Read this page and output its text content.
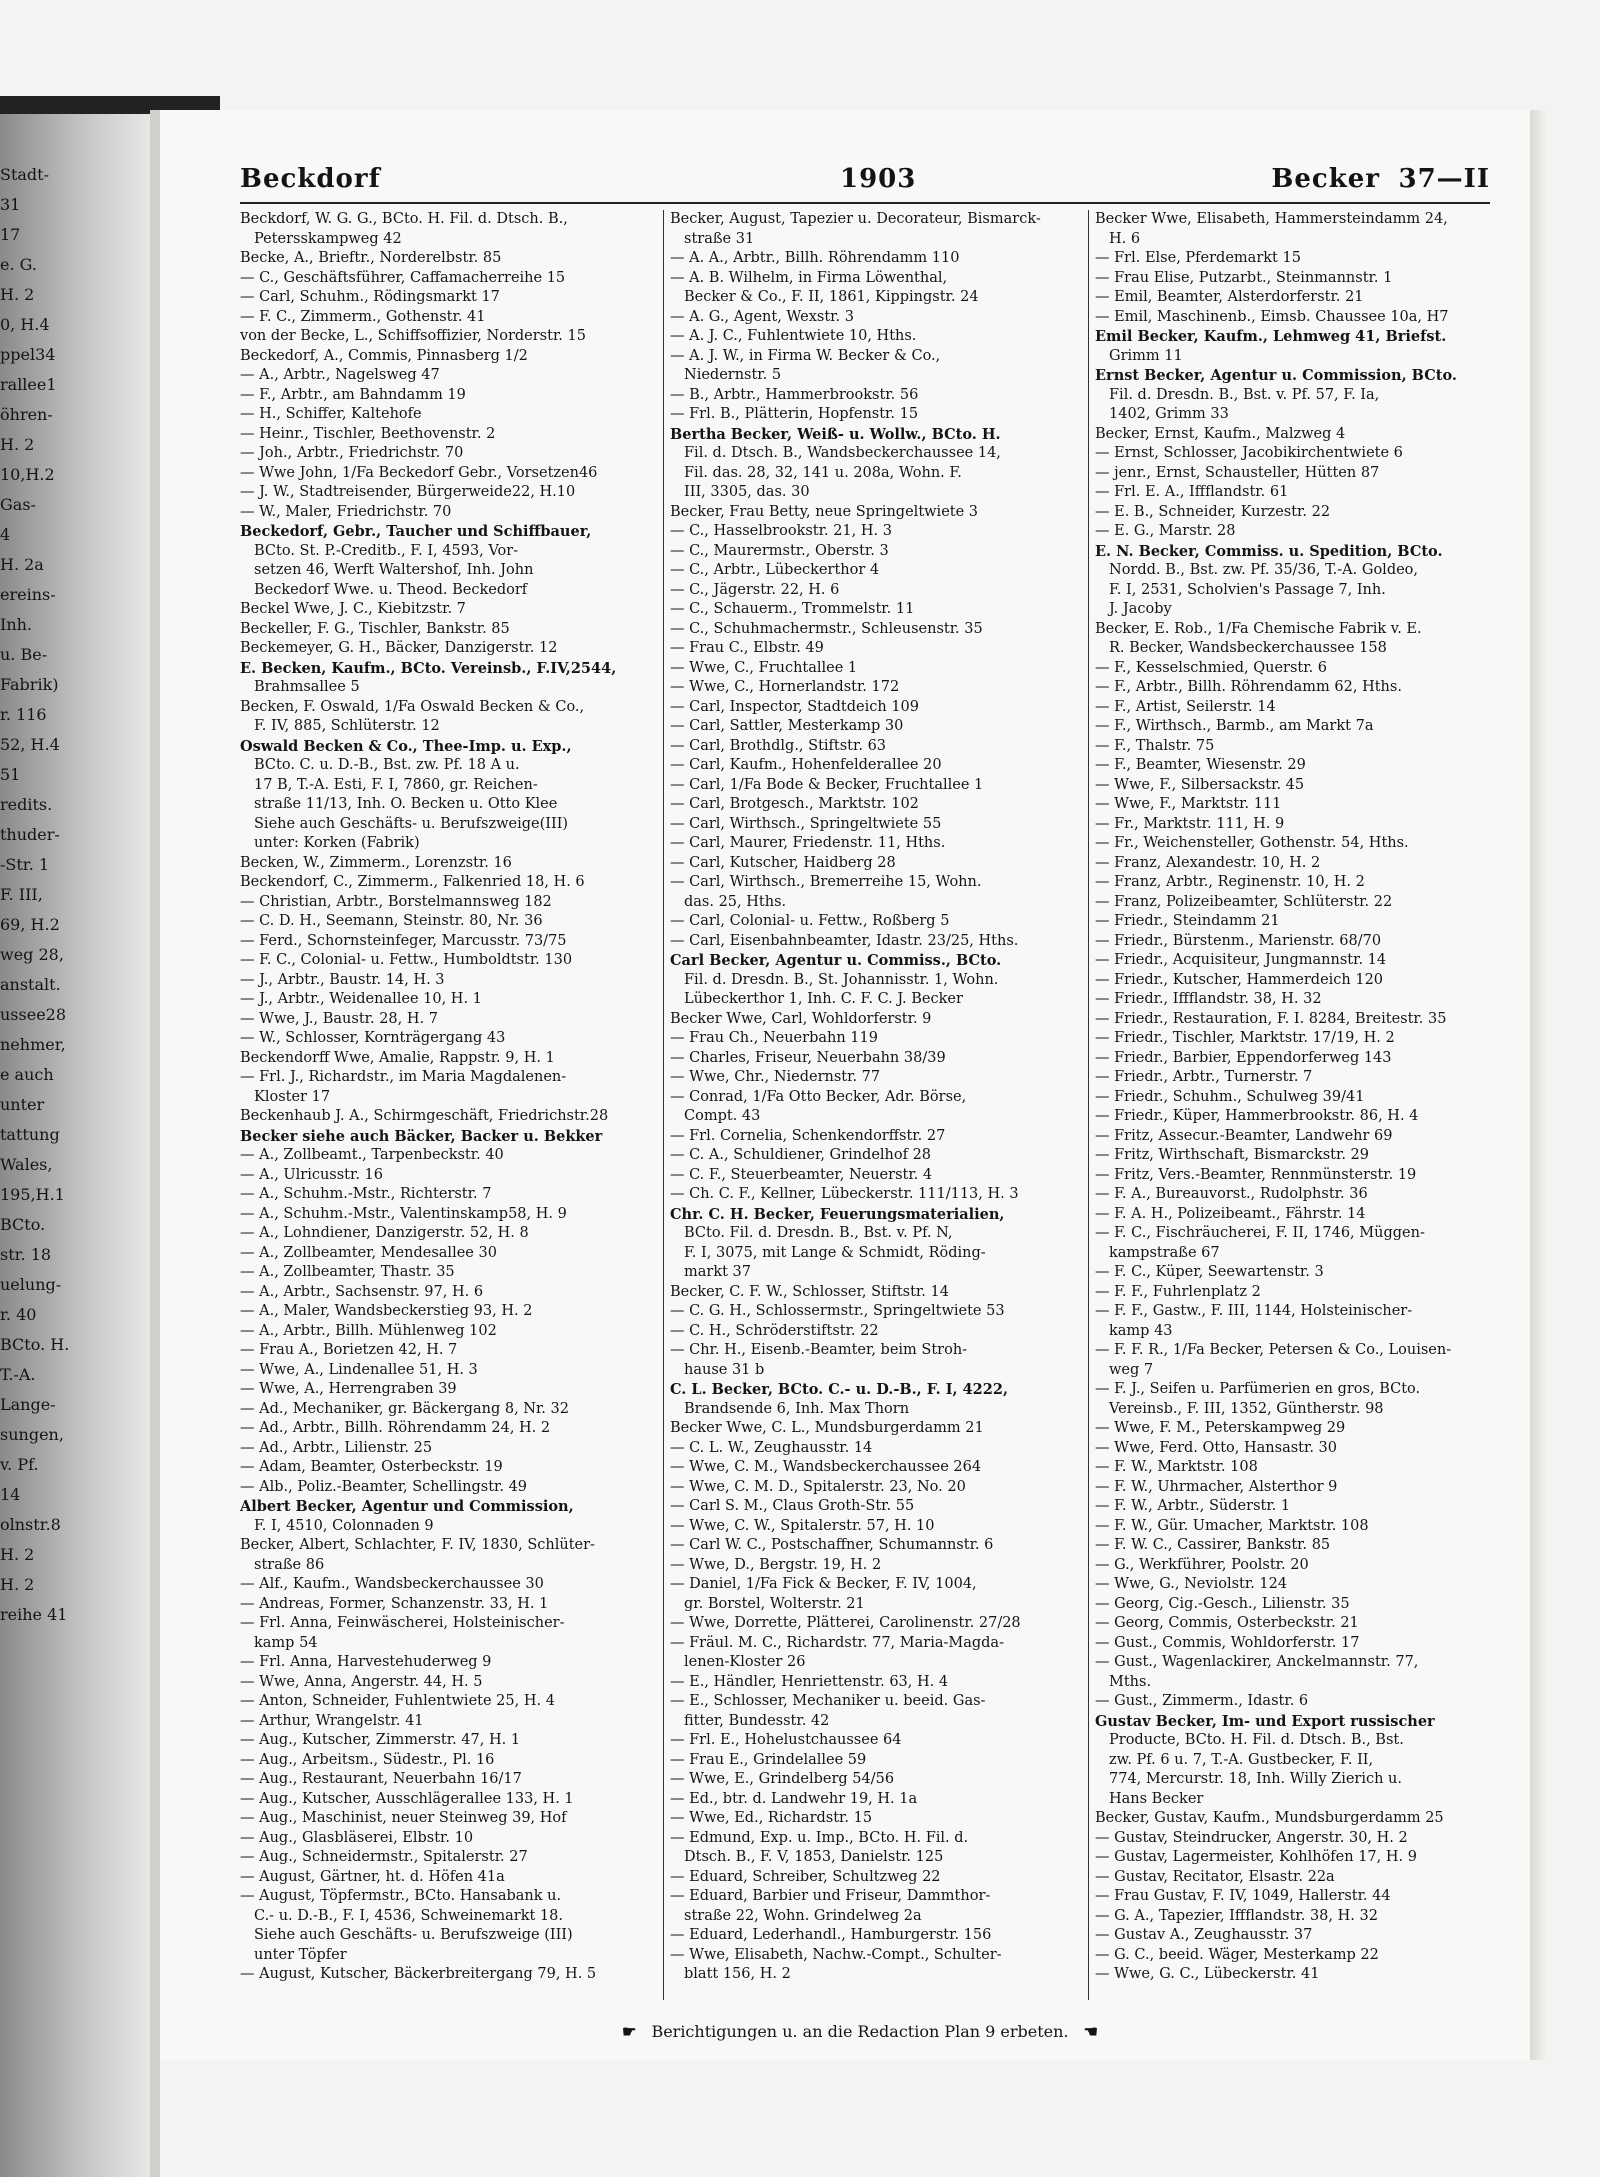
Stadt-
31
17
e. G.
H. 2
0, H.4
ppel34
rallee1
öhren-
H. 2
10,H.2
Gas-
4
H. 2a
ereins-
Inh.
u. Be-
Fabrik)
r. 116
52, H.4
51
redits.
thuder-
-Str. 1
F. III,
69, H.2
weg 28,
anstalt.
ussee28
nehmer,
e auch
unter
tattung
Wales,
195,H.1
BCto.
str. 18
uelung-
r. 40
BCto. H.
T.-A.
Lange-
sungen,
v. Pf.
14
olnstr.8
H. 2
H. 2
reihe 41
Beckdorf	1903	Becker 37—II
Beckdorf, W. G. G., BCto. H. Fil. d. Dtsch. B.,
Petersskampweg 42
Becke, A., Brieftr., Norderelbstr. 85
— C., Geschäftsführer, Caffamacherreihe 15
— Carl, Schuhm., Rödingsmarkt 17
— F. C., Zimmerm., Gothenstr. 41
von der Becke, L., Schiffsoffizier, Norderstr. 15
Beckedorf, A., Commis, Pinnasberg 1/2
— A., Arbtr., Nagelsweg 47
— F., Arbtr., am Bahndamm 19
— H., Schiffer, Kaltehofe
— Heinr., Tischler, Beethovenstr. 2
— Joh., Arbtr., Friedrichstr. 70
— Wwe John, 1/Fa Beckedorf Gebr., Vorsetzen46
— J. W., Stadtreisender, Bürgerweide22, H.10
— W., Maler, Friedrichstr. 70
Beckedorf, Gebr., Taucher und Schiffbauer,
BCto. St. P.-Creditb., F. I, 4593, Vor-
setzen 46, Werft Waltershof, Inh. John
Beckedorf Wwe. u. Theod. Beckedorf
Beckel Wwe, J. C., Kiebitzstr. 7
Beckeller, F. G., Tischler, Bankstr. 85
Beckemeyer, G. H., Bäcker, Danzigerstr. 12
E. Becken, Kaufm., BCto. Vereinsb., F.IV,2544,
Brahmsallee 5
Becken, F. Oswald, 1/Fa Oswald Becken & Co.,
F. IV, 885, Schlüterstr. 12
Oswald Becken & Co., Thee-Imp. u. Exp.,
BCto. C. u. D.-B., Bst. zw. Pf. 18 A u.
17 B, T.-A. Esti, F. I, 7860, gr. Reichen-
straße 11/13, Inh. O. Becken u. Otto Klee
Siehe auch Geschäfts- u. Berufszweige(III)
unter: Korken (Fabrik)
Becken, W., Zimmerm., Lorenzstr. 16
Beckendorf, C., Zimmerm., Falkenried 18, H. 6
— Christian, Arbtr., Borstelmannsweg 182
— C. D. H., Seemann, Steinstr. 80, Nr. 36
— Ferd., Schornsteinfeger, Marcusstr. 73/75
— F. C., Colonial- u. Fettw., Humboldtstr. 130
— J., Arbtr., Baustr. 14, H. 3
— J., Arbtr., Weidenallee 10, H. 1
— Wwe, J., Baustr. 28, H. 7
— W., Schlosser, Kornträgergang 43
Beckendorff Wwe, Amalie, Rappstr. 9, H. 1
— Frl. J., Richardstr., im Maria Magdalenen-
Kloster 17
Beckenhaub J. A., Schirmgeschäft, Friedrichstr.28
Becker siehe auch Bäcker, Backer u. Bekker
— A., Zollbeamt., Tarpenbeckstr. 40
— A., Ulricusstr. 16
— A., Schuhm.-Mstr., Richterstr. 7
— A., Schuhm.-Mstr., Valentinskamp58, H. 9
— A., Lohndiener, Danzigerstr. 52, H. 8
— A., Zollbeamter, Mendesallee 30
— A., Zollbeamter, Thastr. 35
— A., Arbtr., Sachsenstr. 97, H. 6
— A., Maler, Wandsbeckerstieg 93, H. 2
— A., Arbtr., Billh. Mühlenweg 102
— Frau A., Borietzen 42, H. 7
— Wwe, A., Lindenallee 51, H. 3
— Wwe, A., Herrengraben 39
— Ad., Mechaniker, gr. Bäckergang 8, Nr. 32
— Ad., Arbtr., Billh. Röhrendamm 24, H. 2
— Ad., Arbtr., Lilienstr. 25
— Adam, Beamter, Osterbeckstr. 19
— Alb., Poliz.-Beamter, Schellingstr. 49
Albert Becker, Agentur und Commission,
F. I, 4510, Colonnaden 9
Becker, Albert, Schlachter, F. IV, 1830, Schlüter-
straße 86
— Alf., Kaufm., Wandsbeckerchaussee 30
— Andreas, Former, Schanzenstr. 33, H. 1
— Frl. Anna, Feinwäscherei, Holsteinischer-
kamp 54
— Frl. Anna, Harvestehuderweg 9
— Wwe, Anna, Angerstr. 44, H. 5
— Anton, Schneider, Fuhlentwiete 25, H. 4
— Arthur, Wrangelstr. 41
— Aug., Kutscher, Zimmerstr. 47, H. 1
— Aug., Arbeitsm., Südestr., Pl. 16
— Aug., Restaurant, Neuerbahn 16/17
— Aug., Kutscher, Ausschlägerallee 133, H. 1
— Aug., Maschinist, neuer Steinweg 39, Hof
— Aug., Glasbläserei, Elbstr. 10
— Aug., Schneidermstr., Spitalerstr. 27
— August, Gärtner, ht. d. Höfen 41a
— August, Töpfermstr., BCto. Hansabank u.
C.- u. D.-B., F. I, 4536, Schweinemarkt 18.
Siehe auch Geschäfts- u. Berufszweige (III)
unter Töpfer
— August, Kutscher, Bäckerbreitergang 79, H. 5
Becker, August, Tapezier u. Decorateur, Bismarck-
straße 31
— A. A., Arbtr., Billh. Röhrendamm 110
— A. B. Wilhelm, in Firma Löwenthal,
Becker & Co., F. II, 1861, Kippingstr. 24
— A. G., Agent, Wexstr. 3
— A. J. C., Fuhlentwiete 10, Hths.
— A. J. W., in Firma W. Becker & Co.,
Niedernstr. 5
— B., Arbtr., Hammerbrookstr. 56
— Frl. B., Plätterin, Hopfenstr. 15
Bertha Becker, Weiß- u. Wollw., BCto. H.
Fil. d. Dtsch. B., Wandsbeckerchaussee 14,
Fil. das. 28, 32, 141 u. 208a, Wohn. F.
III, 3305, das. 30
Becker, Frau Betty, neue Springeltwiete 3
— C., Hasselbrookstr. 21, H. 3
— C., Maurermstr., Oberstr. 3
— C., Arbtr., Lübeckerthor 4
— C., Jägerstr. 22, H. 6
— C., Schauerm., Trommelstr. 11
— C., Schuhmachermstr., Schleusenstr. 35
— Frau C., Elbstr. 49
— Wwe, C., Fruchtallee 1
— Wwe, C., Hornerlandstr. 172
— Carl, Inspector, Stadtdeich 109
— Carl, Sattler, Mesterkamp 30
— Carl, Brothdlg., Stiftstr. 63
— Carl, Kaufm., Hohenfelderallee 20
— Carl, 1/Fa Bode & Becker, Fruchtallee 1
— Carl, Brotgesch., Marktstr. 102
— Carl, Wirthsch., Springeltwiete 55
— Carl, Maurer, Friedenstr. 11, Hths.
— Carl, Kutscher, Haidberg 28
— Carl, Wirthsch., Bremerreihe 15, Wohn.
das. 25, Hths.
— Carl, Colonial- u. Fettw., Roßberg 5
— Carl, Eisenbahnbeamter, Idastr. 23/25, Hths.
Carl Becker, Agentur u. Commiss., BCto.
Fil. d. Dresdn. B., St. Johannisstr. 1, Wohn.
Lübeckerthor 1, Inh. C. F. C. J. Becker
Becker Wwe, Carl, Wohldorferstr. 9
— Frau Ch., Neuerbahn 119
— Charles, Friseur, Neuerbahn 38/39
— Wwe, Chr., Niedernstr. 77
— Conrad, 1/Fa Otto Becker, Adr. Börse,
Compt. 43
— Frl. Cornelia, Schenkendorffstr. 27
— C. A., Schuldiener, Grindelhof 28
— C. F., Steuerbeamter, Neuerstr. 4
— Ch. C. F., Kellner, Lübeckerstr. 111/113, H. 3
Chr. C. H. Becker, Feuerungsmaterialien,
BCto. Fil. d. Dresdn. B., Bst. v. Pf. N,
F. I, 3075, mit Lange & Schmidt, Röding-
markt 37
Becker, C. F. W., Schlosser, Stiftstr. 14
— C. G. H., Schlossermstr., Springeltwiete 53
— C. H., Schröderstiftstr. 22
— Chr. H., Eisenb.-Beamter, beim Stroh-
hause 31 b
C. L. Becker, BCto. C.- u. D.-B., F. I, 4222,
Brandsende 6, Inh. Max Thorn
Becker Wwe, C. L., Mundsburgerdamm 21
— C. L. W., Zeughausstr. 14
— Wwe, C. M., Wandsbeckerchaussee 264
— Wwe, C. M. D., Spitalerstr. 23, No. 20
— Carl S. M., Claus Groth-Str. 55
— Wwe, C. W., Spitalerstr. 57, H. 10
— Carl W. C., Postschaffner, Schumannstr. 6
— Wwe, D., Bergstr. 19, H. 2
— Daniel, 1/Fa Fick & Becker, F. IV, 1004,
gr. Borstel, Wolterstr. 21
— Wwe, Dorrette, Plätterei, Carolinenstr. 27/28
— Fräul. M. C., Richardstr. 77, Maria-Magda-
lenen-Kloster 26
— E., Händler, Henriettenstr. 63, H. 4
— E., Schlosser, Mechaniker u. beeid. Gas-
fitter, Bundesstr. 42
— Frl. E., Hohelustchaussee 64
— Frau E., Grindelallee 59
— Wwe, E., Grindelberg 54/56
— Ed., btr. d. Landwehr 19, H. 1a
— Wwe, Ed., Richardstr. 15
— Edmund, Exp. u. Imp., BCto. H. Fil. d.
Dtsch. B., F. V, 1853, Danielstr. 125
— Eduard, Schreiber, Schultzweg 22
— Eduard, Barbier und Friseur, Dammthor-
straße 22, Wohn. Grindelweg 2a
— Eduard, Lederhandl., Hamburgerstr. 156
— Wwe, Elisabeth, Nachw.-Compt., Schulter-
blatt 156, H. 2
Becker Wwe, Elisabeth, Hammersteindamm 24,
H. 6
— Frl. Else, Pferdemarkt 15
— Frau Elise, Putzarbt., Steinmannstr. 1
— Emil, Beamter, Alsterdorferstr. 21
— Emil, Maschinenb., Eimsb. Chaussee 10a, H7
Emil Becker, Kaufm., Lehmweg 41, Briefst.
Grimm 11
Ernst Becker, Agentur u. Commission, BCto.
Fil. d. Dresdn. B., Bst. v. Pf. 57, F. Ia,
1402, Grimm 33
Becker, Ernst, Kaufm., Malzweg 4
— Ernst, Schlosser, Jacobikirchentwiete 6
— jenr., Ernst, Schausteller, Hütten 87
— Frl. E. A., Iffflandstr. 61
— E. B., Schneider, Kurzestr. 22
— E. G., Marstr. 28
E. N. Becker, Commiss. u. Spedition, BCto.
Nordd. B., Bst. zw. Pf. 35/36, T.-A. Goldeo,
F. I, 2531, Scholvien's Passage 7, Inh.
J. Jacoby
Becker, E. Rob., 1/Fa Chemische Fabrik v. E.
R. Becker, Wandsbeckerchaussee 158
— F., Kesselschmied, Querstr. 6
— F., Arbtr., Billh. Röhrendamm 62, Hths.
— F., Artist, Seilerstr. 14
— F., Wirthsch., Barmb., am Markt 7a
— F., Thalstr. 75
— F., Beamter, Wiesenstr. 29
— Wwe, F., Silbersackstr. 45
— Wwe, F., Marktstr. 111
— Fr., Marktstr. 111, H. 9
— Fr., Weichensteller, Gothenstr. 54, Hths.
— Franz, Alexandestr. 10, H. 2
— Franz, Arbtr., Reginenstr. 10, H. 2
— Franz, Polizeibeamter, Schlüterstr. 22
— Friedr., Steindamm 21
— Friedr., Bürstenm., Marienstr. 68/70
— Friedr., Acquisiteur, Jungmannstr. 14
— Friedr., Kutscher, Hammerdeich 120
— Friedr., Iffflandstr. 38, H. 32
— Friedr., Restauration, F. I. 8284, Breitestr. 35
— Friedr., Tischler, Marktstr. 17/19, H. 2
— Friedr., Barbier, Eppendorferweg 143
— Friedr., Arbtr., Turnerstr. 7
— Friedr., Schuhm., Schulweg 39/41
— Friedr., Küper, Hammerbrookstr. 86, H. 4
— Fritz, Assecur.-Beamter, Landwehr 69
— Fritz, Wirthschaft, Bismarckstr. 29
— Fritz, Vers.-Beamter, Rennmünsterstr. 19
— F. A., Bureauvorst., Rudolphstr. 36
— F. A. H., Polizeibeamt., Fährstr. 14
— F. C., Fischräucherei, F. II, 1746, Müggen-
kampstraße 67
— F. C., Küper, Seewartenstr. 3
— F. F., Fuhrlenplatz 2
— F. F., Gastw., F. III, 1144, Holsteinischer-
kamp 43
— F. F. R., 1/Fa Becker, Petersen & Co., Louisen-
weg 7
— F. J., Seifen u. Parfümerien en gros, BCto.
Vereinsb., F. III, 1352, Güntherstr. 98
— Wwe, F. M., Peterskampweg 29
— Wwe, Ferd. Otto, Hansastr. 30
— F. W., Marktstr. 108
— F. W., Uhrmacher, Alsterthor 9
— F. W., Arbtr., Süderstr. 1
— F. W., Gür. Umacher, Marktstr. 108
— F. W. C., Cassirer, Bankstr. 85
— G., Werkführer, Poolstr. 20
— Wwe, G., Neviolstr. 124
— Georg, Cig.-Gesch., Lilienstr. 35
— Georg, Commis, Osterbeckstr. 21
— Gust., Commis, Wohldorferstr. 17
— Gust., Wagenlackirer, Anckelmannstr. 77,
Mths.
— Gust., Zimmerm., Idastr. 6
Gustav Becker, Im- und Export russischer
Producte, BCto. H. Fil. d. Dtsch. B., Bst.
zw. Pf. 6 u. 7, T.-A. Gustbecker, F. II,
774, Mercurstr. 18, Inh. Willy Zierich u.
Hans Becker
Becker, Gustav, Kaufm., Mundsburgerdamm 25
— Gustav, Steindrucker, Angerstr. 30, H. 2
— Gustav, Lagermeister, Kohlhöfen 17, H. 9
— Gustav, Recitator, Elsastr. 22a
— Frau Gustav, F. IV, 1049, Hallerstr. 44
— G. A., Tapezier, Iffflandstr. 38, H. 32
— Gustav A., Zeughausstr. 37
— G. C., beeid. Wäger, Mesterkamp 22
— Wwe, G. C., Lübeckerstr. 41
☛ Berichtigungen u. an die Redaction Plan 9 erbeten. ☚
